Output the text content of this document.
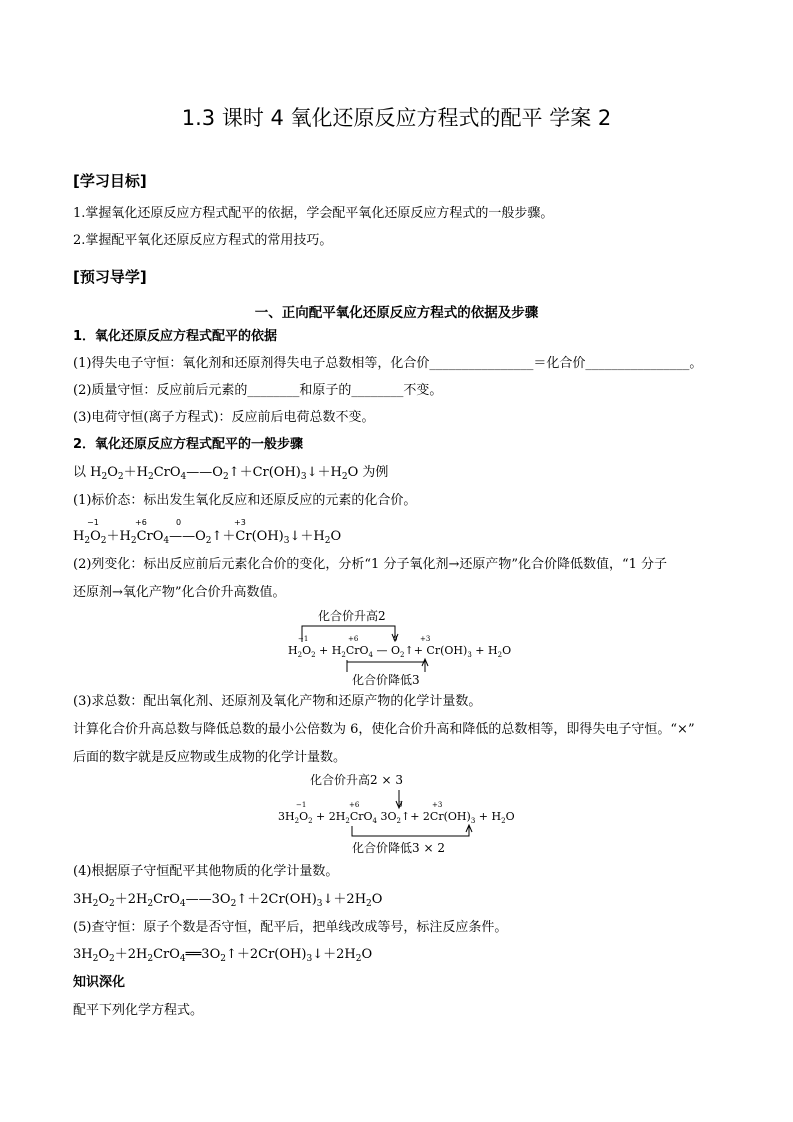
1.3 课时 4 氧化还原反应方程式的配平 学案 2
[学习目标]
1.掌握氧化还原反应方程式配平的依据，学会配平氧化还原反应方程式的一般步骤。
2.掌握配平氧化还原反应方程式的常用技巧。
[预习导学]
一、正向配平氧化还原反应方程式的依据及步骤
1．氧化还原反应方程式配平的依据
(1)得失电子守恒：氧化剂和还原剂得失电子总数相等，化合价________________＝化合价________________。
(2)质量守恒：反应前后元素的________和原子的________不变。
(3)电荷守恒(离子方程式)：反应前后电荷总数不变。
2．氧化还原反应方程式配平的一般步骤
以 $H_2O_2+H_2CrO_4——O_2↑+Cr(OH)_3↓+H_2O$ 为例
(1)标价态：标出发生氧化反应和还原反应的元素的化合价。
−1	+6	0	+3
$H_2O_2+H_2CrO_4——O_2↑+Cr(OH)_3↓+H_2O$
(2)列变化：标出反应前后元素化合价的变化，分析“1 分子氧化剂→还原产物”化合价降低数值，“1 分子
还原剂→氧化产物”化合价升高数值。
化合价升高2
$H_2O_2 + H_2CrO_4$ — $O_2↑+ Cr(OH)_3 + H_2O$
−1	+6	0	+3
化合价降低3
(3)求总数：配出氧化剂、还原剂及氧化产物和还原产物的化学计量数。
计算化合价升高总数与降低总数的最小公倍数为 6，使化合价升高和降低的总数相等，即得失电子守恒。“×”
后面的数字就是反应物或生成物的化学计量数。
化合价升高2 × 3
$3H_2O_2 + 2H_2CrO_4$ $3O_2↑+ 2Cr(OH)_3 + H_2O$
−1	+6	0	+3
化合价降低3 × 2
(4)根据原子守恒配平其他物质的化学计量数。
$3H_2O_2+2H_2CrO_4——3O_2↑+2Cr(OH)_3↓+2H_2O$
(5)查守恒：原子个数是否守恒，配平后，把单线改成等号，标注反应条件。
$3H_2O_2+2H_2CrO_4══3O_2↑+2Cr(OH)_3↓+2H_2O$
知识深化
配平下列化学方程式。
